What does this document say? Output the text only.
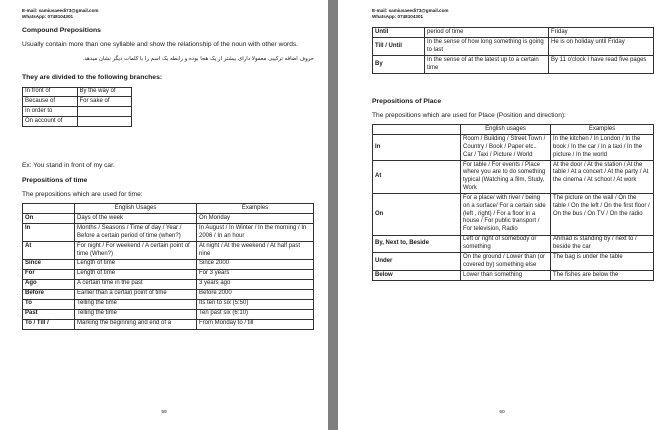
E-mail: samiusaeedi73@gmail.com
WhatsApp: 0748104301
Compound Prepositions

Usually contain more than one syllable and show the relationship of the noun with other words.

حروف اضافه ترکیبی معمولا دارای بیشتر از یک هجا بوده و رابطه یک اسم را با کلمات دیگر نشان میدهد.

They are divided to the following branches:
In front of	By the way of
Because of	For sake of
In order to	
On account of	

Ex: You stand in front of my car.

Prepositions of time

The prepositions which are used for time:

	English Usages	Examples
On	Days of the week	On Monday
In	Months / Seasons / Time of day / Year / Before a certain period of time (when?)	In August / In Winter / In the morning / In 2006 / In an hour
At	For night / For weekend / A certain point of time (When?)	At night / At the weekend / At half past nine
Since	Length of time	Since 2000
For	Length of time	For 3 years
Ago	A certain time in the past	3 years ago
Before	Earlier than a certain point of time	Before 2000
To	Telling the time	Its ten to six (5:50)
Past	Telling the time	Ten past six (6:10)
To / Till /	Marking the beginning and end of a	From Monday to / till
59
E-mail: samiusaeedi73@gmail.com
WhatsApp: 0748104301
Until	period of time	Friday
Till / Until	In the sense of how long something is going to last	He is on holiday until Friday
By	In the sense of at the latest up to a certain time	By 11 o'clock I have read five pages
Prepositions of Place

The prepositions which are used for Place (Position and direction):

	English usages	Examples
In	Room / Building / Street Town / Country / Book / Paper etc.. Car / Taxi / Picture / World	In the kitchen / In London / In the book / In the car / In a taxi / In the picture / In the world
At	For table / For events / Place where you are to do something typical (Watching a film, Study, Work	At the door / At the station / At the table / At a concert / At the party / At the cinema / At school / At work
On	For a place/ with river / being on a surface/ For a certain side (left , right) / For a floor in a house / For public transport / For television, Radio	The picture on the wall / On the table / On the left / On the first floor / On the bus / On TV / On the radio
By, Next to, Beside	Left or right of somebody or something	Ahmad is standing by / next to / beside the car
Under	On the ground / Lower than (or covered by) something else	The bag is under the table
Below	Lower than something	The fishes are below the
60
